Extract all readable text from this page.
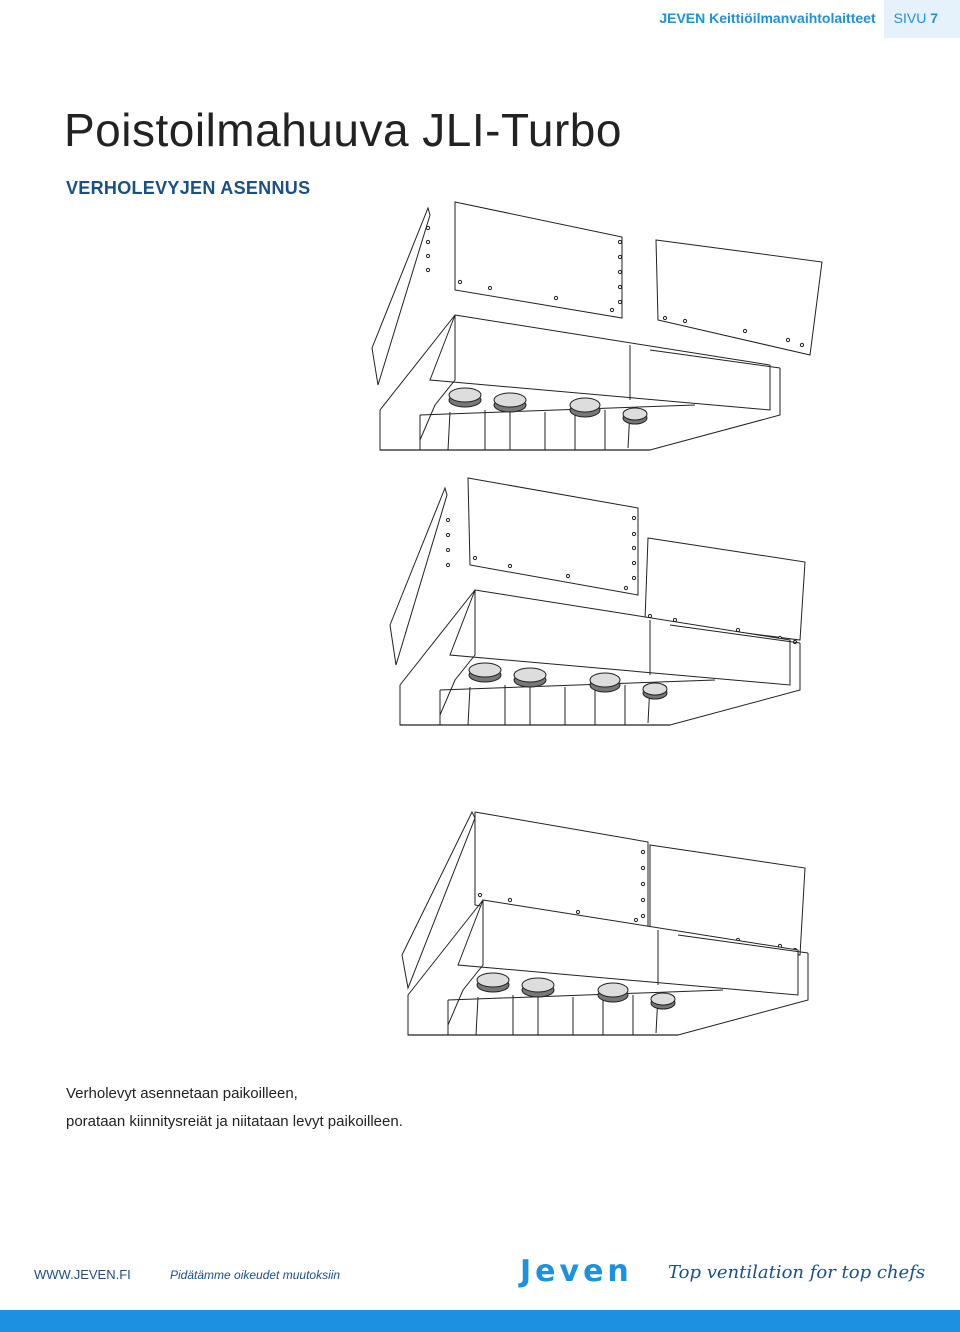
JEVEN Keittiöilmanvaihtolaitteet	SIVU 7
Poistoilmahuuva JLI-Turbo
VERHOLEVYJEN ASENNUS
Verholevyt asennetaan paikoilleen,
porataan kiinnitysreiät ja niitataan levyt paikoilleen.
WWW.JEVEN.FI	Pidätämme oikeudet muutoksiin	Jeven Top ventilation for top chefs
